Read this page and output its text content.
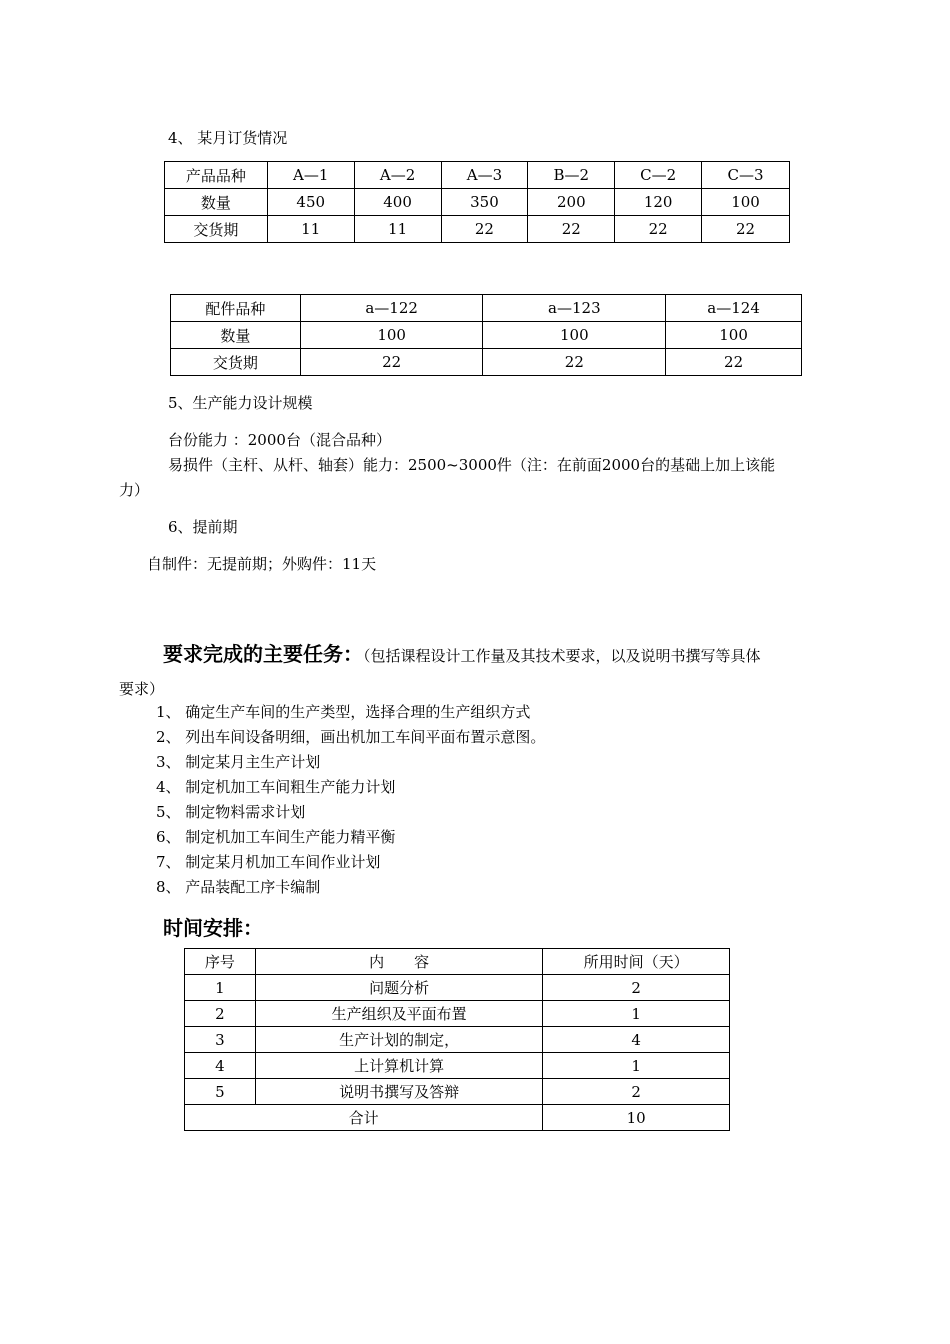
4、 某月订货情况
产品品种	A—1	A—2	A—3	B—2	C—2	C—3
数量	450	400	350	200	120	100
交货期	11	11	22	22	22	22
配件品种	a—122	a—123	a—124
数量	100	100	100
交货期	22	22	22
5、生产能力设计规模
台份能力 ：2000台（混合品种）
易损件（主杆、从杆、轴套）能力：2500~3000件（注：在前面2000台的基础上加上该能
力）
6、提前期
自制件：无提前期；外购件：11天
要求完成的主要任务：（包括课程设计工作量及其技术要求，以及说明书撰写等具体
要求）
1、 确定生产车间的生产类型，选择合理的生产组织方式
2、 列出车间设备明细，画出机加工车间平面布置示意图。
3、 制定某月主生产计划
4、 制定机加工车间粗生产能力计划
5、 制定物料需求计划
6、 制定机加工车间生产能力精平衡
7、 制定某月机加工车间作业计划
8、 产品装配工序卡编制
时间安排：
序号	内　　容	所用时间（天）
1	问题分析	2
2	生产组织及平面布置	1
3	生产计划的制定，	4
4	上计算机计算	1
5	说明书撰写及答辩	2
合计		10
